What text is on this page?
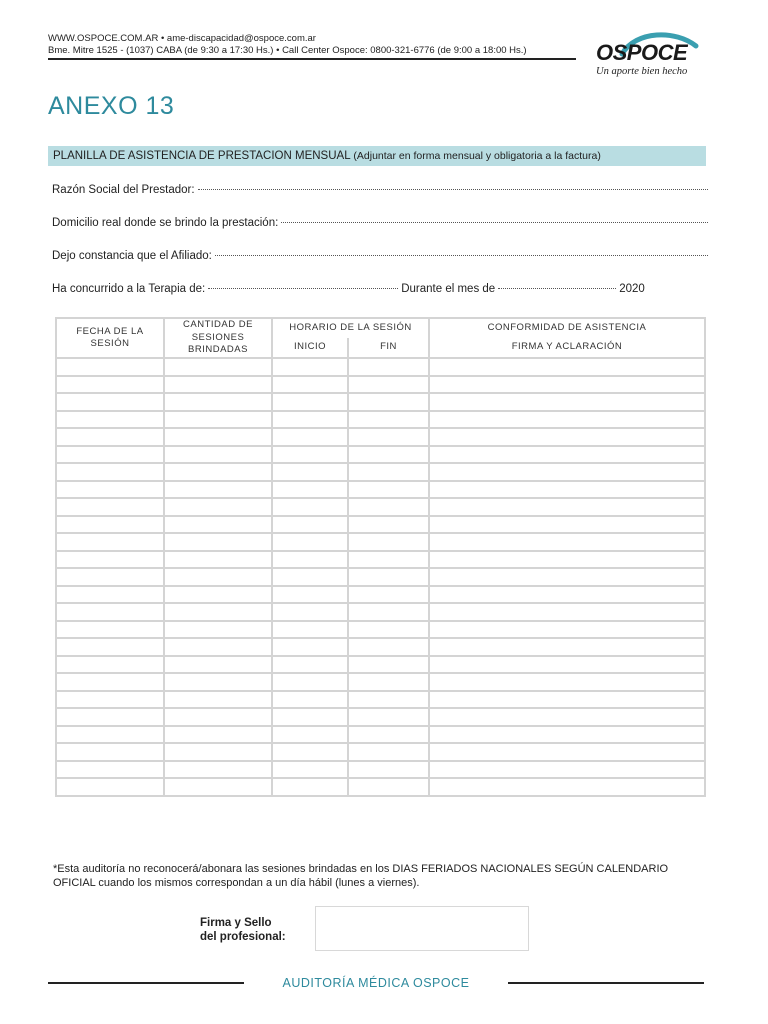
WWW.OSPOCE.COM.AR • ame-discapacidad@ospoce.com.ar
Bme. Mitre 1525 - (1037) CABA (de 9:30 a 17:30 Hs.) • Call Center Ospoce: 0800-321-6776 (de 9:00 a 18:00 Hs.)	OSPOCE
Un aporte bien hecho
ANEXO 13
PLANILLA DE ASISTENCIA DE PRESTACION MENSUAL (Adjuntar en forma mensual y obligatoria a la factura)
Razón Social del Prestador:
Domicilio real donde se brindo la prestación:
Dejo constancia que el Afiliado:
Ha concurrido a la Terapia de:	Durante el mes de	2020
FECHA DE LA SESIÓN	CANTIDAD DE SESIONES BRINDADAS	HORARIO DE LA SESIÓN		CONFORMIDAD DE ASISTENCIA
		INICIO	FIN	FIRMA Y ACLARACIÓN

*Esta auditoría no reconocerá/abonara las sesiones brindadas en los DIAS FERIADOS NACIONALES SEGÚN CALENDARIO OFICIAL cuando los mismos correspondan a un día hábil (lunes a viernes).
Firma y Sello
del profesional:
AUDITORÍA MÉDICA OSPOCE
